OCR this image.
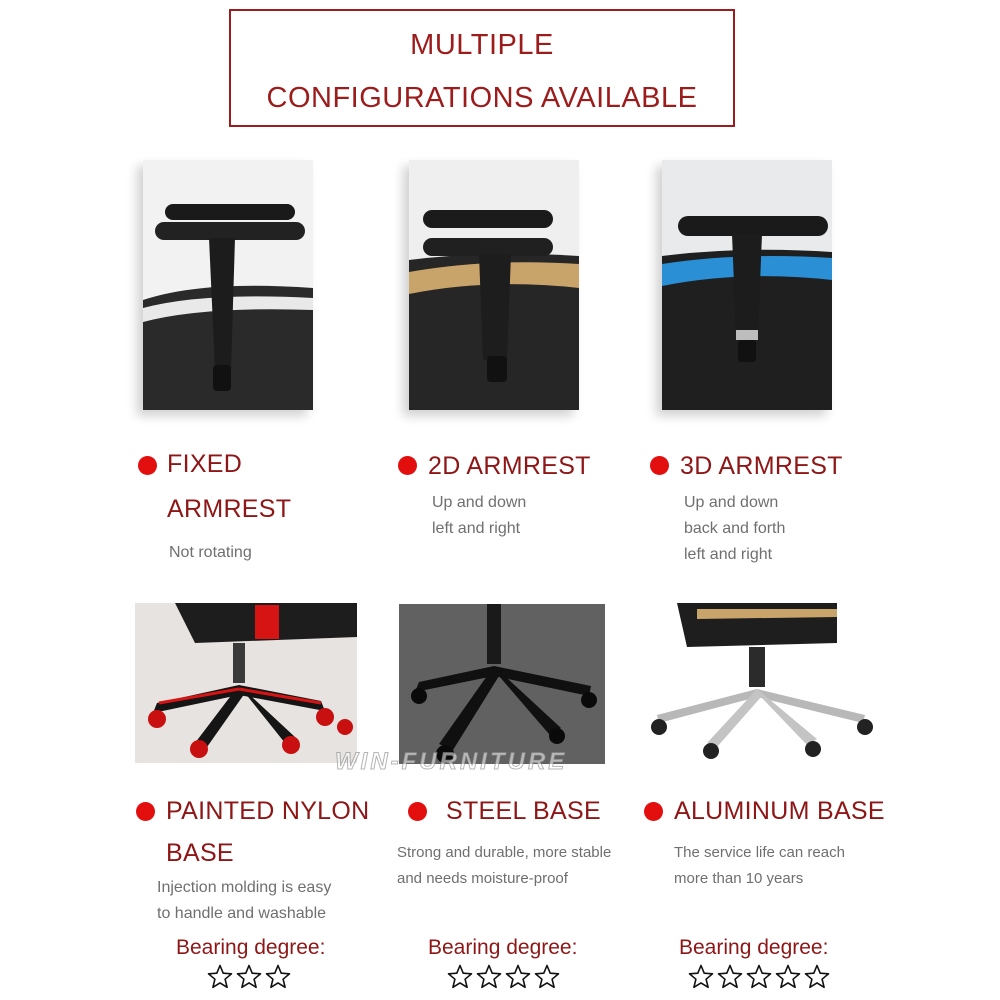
MULTIPLE
CONFIGURATIONS AVAILABLE
FIXED
ARMREST
Not rotating
2D ARMREST
Up and down
left and right
3D ARMREST
Up and down
back and forth
left and right
WIN-FURNITURE
PAINTED NYLON
BASE
Injection molding is easy
to handle and washable
Bearing degree:
STEEL BASE
Strong and durable, more stable
and needs moisture-proof
Bearing degree:
ALUMINUM BASE
The service life can reach
more than 10 years
Bearing degree:
